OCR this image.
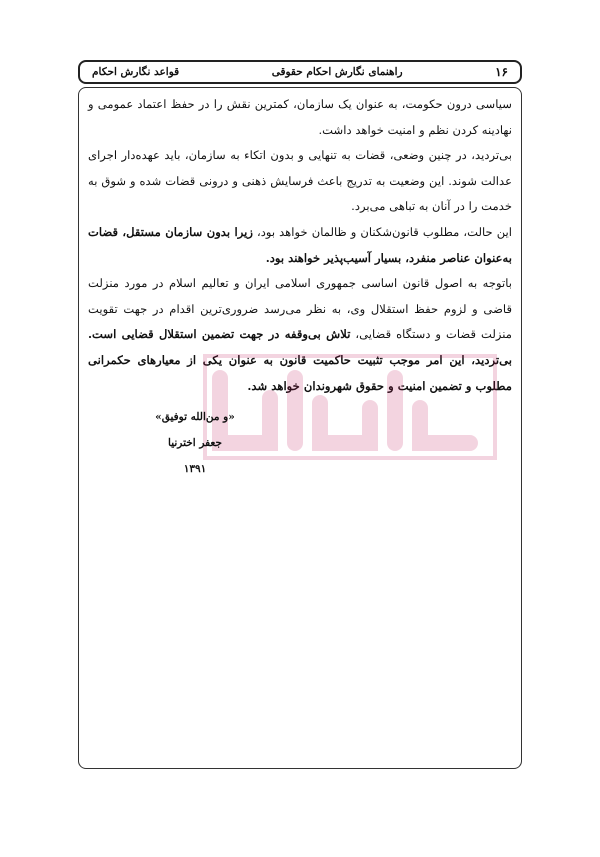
۱۶
راهنمای نگارش احکام حقوقی
قواعد نگارش احکام

سیاسی درون حکومت، به عنوان یک سازمان، کمترین نقش را در حفظ اعتماد عمومی و نهادینه کردن نظم و امنیت خواهد داشت.

بی‌تردید، در چنین وضعی، قضات به تنهایی و بدون اتکاء به سازمان، باید عهده‌دار اجرای عدالت شوند. این وضعیت به تدریج باعث فرسایش ذهنی و درونی قضات شده و شوق به خدمت را در آنان به تباهی می‌برد.

این حالت، مطلوب قانون‌شکنان و ظالمان خواهد بود، زیرا بدون سازمان مستقل، قضات به‌عنوان عناصر منفرد، بسیار آسیب‌پذیر خواهند بود.

باتوجه به اصول قانون اساسی جمهوری اسلامی ایران و تعالیم اسلام در مورد منزلت قاضی و لزوم حفظ استقلال وی، به نظر می‌رسد ضروری‌ترین اقدام در جهت تقویت منزلت قضات و دستگاه قضایی، تلاش بی‌وقفه در جهت تضمین استقلال قضایی است. بی‌تردید، این امر موجب تثبیت حاکمیت قانون به عنوان یکی از معیارهای حکمرانی مطلوب و تضمین امنیت و حقوق شهروندان خواهد شد.

«و من‌الله توفیق»
جعفر اخترنیا
۱۳۹۱
